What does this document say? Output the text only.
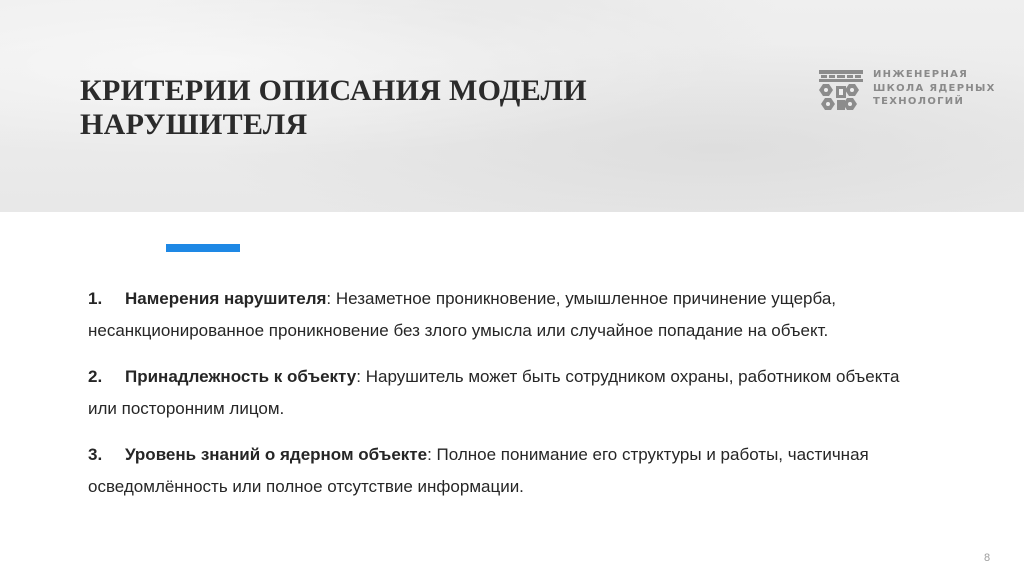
КРИТЕРИИ ОПИСАНИЯ МОДЕЛИ
НАРУШИТЕЛЯ
ИНЖЕНЕРНАЯ
ШКОЛА ЯДЕРНЫХ
ТЕХНОЛОГИЙ
1. Намерения нарушителя: Незаметное проникновение, умышленное причинение ущерба, несанкционированное проникновение без злого умысла или случайное попадание на объект.
2. Принадлежность к объекту: Нарушитель может быть сотрудником охраны, работником объекта или посторонним лицом.
3. Уровень знаний о ядерном объекте: Полное понимание его структуры и работы, частичная осведомлённость или полное отсутствие информации.
8
